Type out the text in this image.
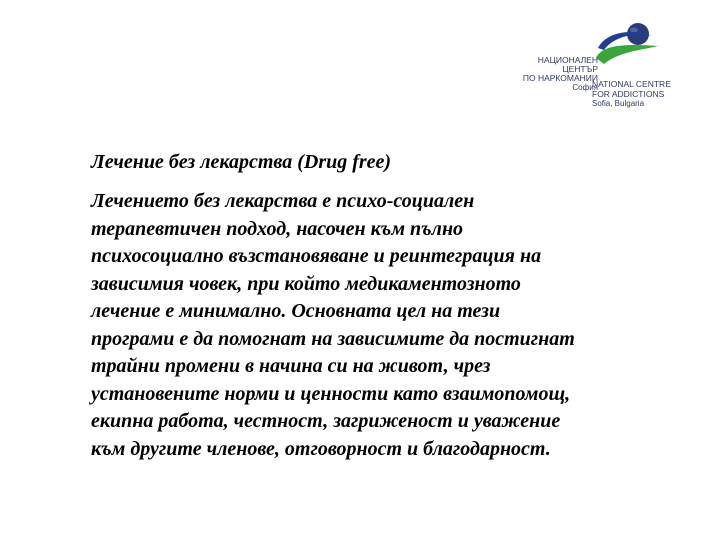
НАЦИОНАЛЕН ЦЕНТЪР
ПО НАРКОМАНИИ
София
NATIONAL CENTRE
FOR ADDICTIONS
Sofia, Bulgaria
Лечение без лекарства (Drug free)

Лечението без лекарства е психо-социален
терапевтичен подход, насочен към пълно
психосоциално възстановяване и реинтеграция на
зависимия човек, при който медикаментозното
лечение е минимално. Основната цел на тези
програми е да помогнат на зависимите да постигнат
трайни промени в начина си на живот, чрез
установените норми и ценности като взаимопомощ,
екипна работа, честност, загриженост и уважение
към другите членове, отговорност и благодарност.
